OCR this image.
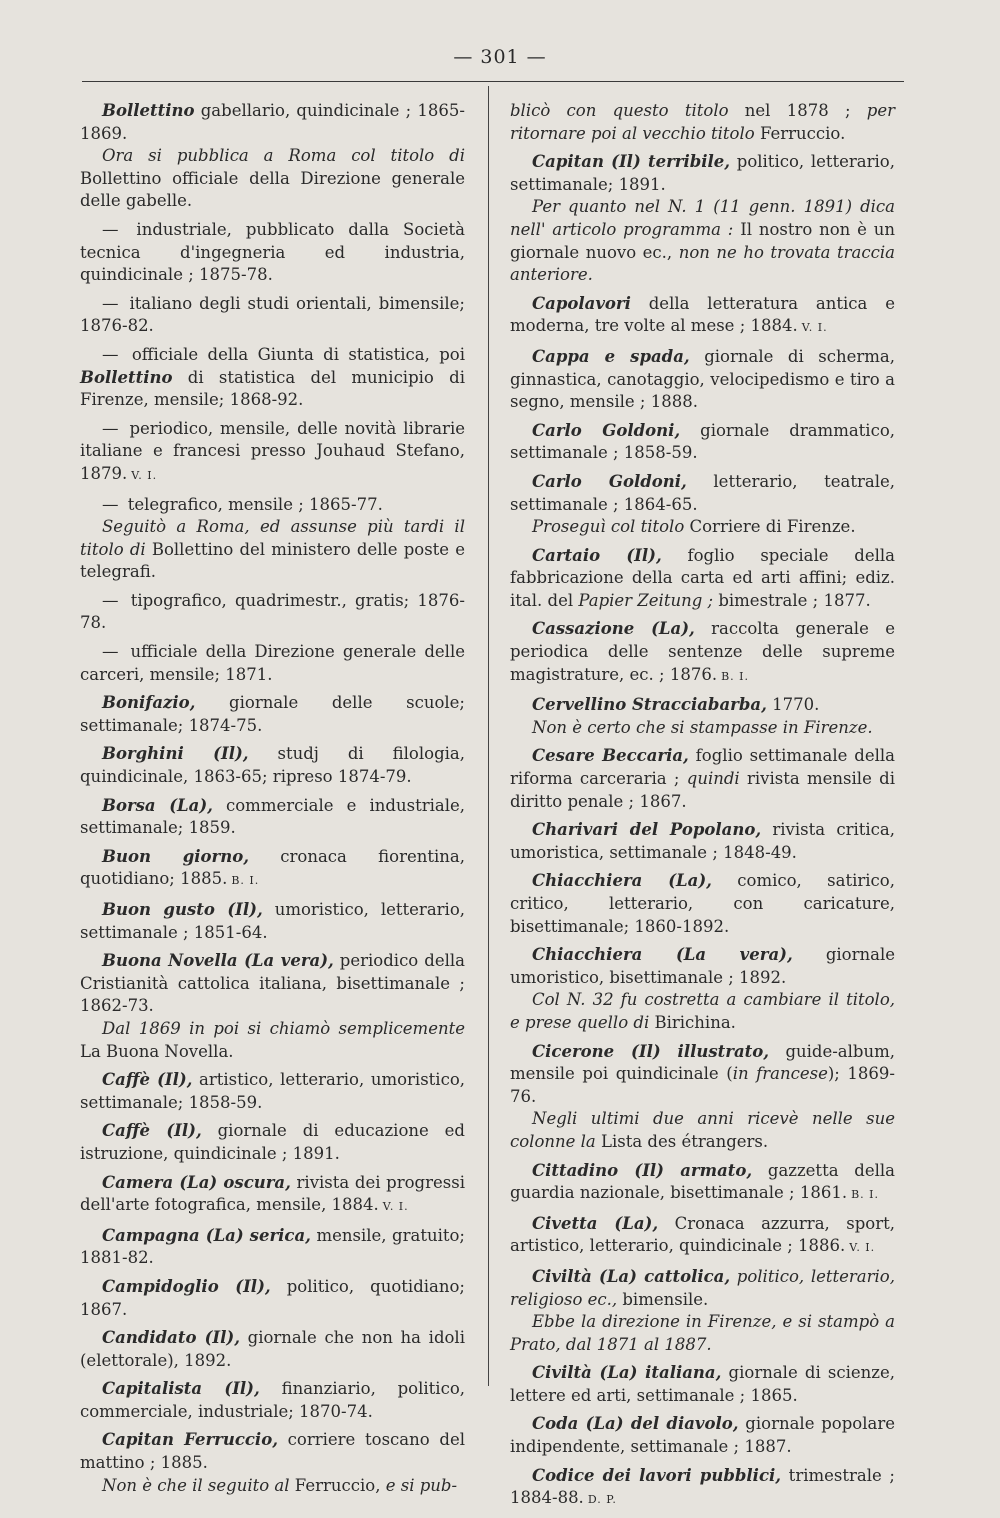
— 301 —
Bollettino gabellario, quindicinale ; 1865-1869.
Ora si pubblica a Roma col titolo di Bollettino officiale della Direzione generale delle gabelle.
— industriale, pubblicato dalla Società tecnica d'ingegneria ed industria, quindicinale ; 1875-78.
— italiano degli studi orientali, bimensile; 1876-82.
— officiale della Giunta di statistica, poi Bollettino di statistica del municipio di Firenze, mensile; 1868-92.
— periodico, mensile, delle novità librarie italiane e francesi presso Jouhaud Stefano, 1879. V. I.
— telegrafico, mensile ; 1865-77.
Seguitò a Roma, ed assunse più tardi il titolo di Bollettino del ministero delle poste e telegrafi.
— tipografico, quadrimestr., gratis; 1876-78.
— ufficiale della Direzione generale delle carceri, mensile; 1871.
Bonifazio, giornale delle scuole; settimanale; 1874-75.
Borghini (Il), studj di filologia, quindicinale, 1863-65; ripreso 1874-79.
Borsa (La), commerciale e industriale, settimanale; 1859.
Buon giorno, cronaca fiorentina, quotidiano; 1885. B. I.
Buon gusto (Il), umoristico, letterario, settimanale ; 1851-64.
Buona Novella (La vera), periodico della Cristianità cattolica italiana, bisettimanale ; 1862-73.
Dal 1869 in poi si chiamò semplicemente La Buona Novella.
Caffè (Il), artistico, letterario, umoristico, settimanale; 1858-59.
Caffè (Il), giornale di educazione ed istruzione, quindicinale ; 1891.
Camera (La) oscura, rivista dei progressi dell'arte fotografica, mensile, 1884. V. I.
Campagna (La) serica, mensile, gratuito; 1881-82.
Campidoglio (Il), politico, quotidiano; 1867.
Candidato (Il), giornale che non ha idoli (elettorale), 1892.
Capitalista (Il), finanziario, politico, commerciale, industriale; 1870-74.
Capitan Ferruccio, corriere toscano del mattino ; 1885.
Non è che il seguito al Ferruccio, e si pub-
blicò con questo titolo nel 1878 ; per ritornare poi al vecchio titolo Ferruccio.
Capitan (Il) terribile, politico, letterario, settimanale; 1891.
Per quanto nel N. 1 (11 genn. 1891) dica nell' articolo programma : Il nostro non è un giornale nuovo ec., non ne ho trovata traccia anteriore.
Capolavori della letteratura antica e moderna, tre volte al mese ; 1884. V. I.
Cappa e spada, giornale di scherma, ginnastica, canotaggio, velocipedismo e tiro a segno, mensile ; 1888.
Carlo Goldoni, giornale drammatico, settimanale ; 1858-59.
Carlo Goldoni, letterario, teatrale, settimanale ; 1864-65.
Proseguì col titolo Corriere di Firenze.
Cartaio (Il), foglio speciale della fabbricazione della carta ed arti affini; ediz. ital. del Papier Zeitung ; bimestrale ; 1877.
Cassazione (La), raccolta generale e periodica delle sentenze delle supreme magistrature, ec. ; 1876. B. I.
Cervellino Stracciabarba, 1770.
Non è certo che si stampasse in Firenze.
Cesare Beccaria, foglio settimanale della riforma carceraria ; quindi rivista mensile di diritto penale ; 1867.
Charivari del Popolano, rivista critica, umoristica, settimanale ; 1848-49.
Chiacchiera (La), comico, satirico, critico, letterario, con caricature, bisettimanale; 1860-1892.
Chiacchiera (La vera), giornale umoristico, bisettimanale ; 1892.
Col N. 32 fu costretta a cambiare il titolo, e prese quello di Birichina.
Cicerone (Il) illustrato, guide-album, mensile poi quindicinale (in francese); 1869-76.
Negli ultimi due anni ricevè nelle sue colonne la Lista des étrangers.
Cittadino (Il) armato, gazzetta della guardia nazionale, bisettimanale ; 1861. B. I.
Civetta (La), Cronaca azzurra, sport, artistico, letterario, quindicinale ; 1886. V. I.
Civiltà (La) cattolica, politico, letterario, religioso ec., bimensile.
Ebbe la direzione in Firenze, e si stampò a Prato, dal 1871 al 1887.
Civiltà (La) italiana, giornale di scienze, lettere ed arti, settimanale ; 1865.
Coda (La) del diavolo, giornale popolare indipendente, settimanale ; 1887.
Codice dei lavori pubblici, trimestrale ; 1884-88. D. P.
